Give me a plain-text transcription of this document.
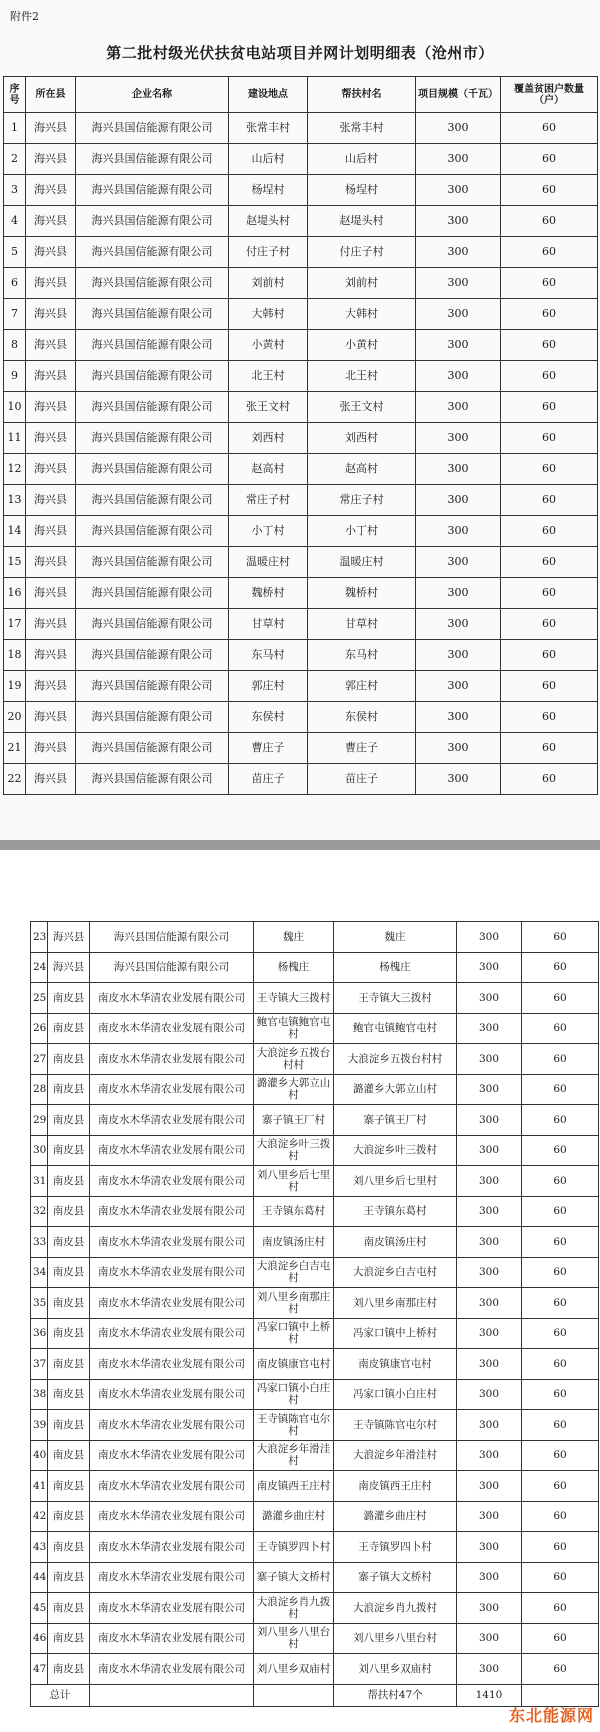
附件2
第二批村级光伏扶贫电站项目并网计划明细表（沧州市）
序号	所在县	企业名称	建设地点	帮扶村名	项目规模（千瓦）	覆盖贫困户数量（户）
1	海兴县	海兴县国信能源有限公司	张常丰村	张常丰村	300	60
2	海兴县	海兴县国信能源有限公司	山后村	山后村	300	60
3	海兴县	海兴县国信能源有限公司	杨埕村	杨埕村	300	60
4	海兴县	海兴县国信能源有限公司	赵堤头村	赵堤头村	300	60
5	海兴县	海兴县国信能源有限公司	付庄子村	付庄子村	300	60
6	海兴县	海兴县国信能源有限公司	刘前村	刘前村	300	60
7	海兴县	海兴县国信能源有限公司	大韩村	大韩村	300	60
8	海兴县	海兴县国信能源有限公司	小黄村	小黄村	300	60
9	海兴县	海兴县国信能源有限公司	北王村	北王村	300	60
10	海兴县	海兴县国信能源有限公司	张王文村	张王文村	300	60
11	海兴县	海兴县国信能源有限公司	刘西村	刘西村	300	60
12	海兴县	海兴县国信能源有限公司	赵高村	赵高村	300	60
13	海兴县	海兴县国信能源有限公司	常庄子村	常庄子村	300	60
14	海兴县	海兴县国信能源有限公司	小丁村	小丁村	300	60
15	海兴县	海兴县国信能源有限公司	温暖庄村	温暖庄村	300	60
16	海兴县	海兴县国信能源有限公司	魏桥村	魏桥村	300	60
17	海兴县	海兴县国信能源有限公司	甘草村	甘草村	300	60
18	海兴县	海兴县国信能源有限公司	东马村	东马村	300	60
19	海兴县	海兴县国信能源有限公司	郭庄村	郭庄村	300	60
20	海兴县	海兴县国信能源有限公司	东侯村	东侯村	300	60
21	海兴县	海兴县国信能源有限公司	曹庄子	曹庄子	300	60
22	海兴县	海兴县国信能源有限公司	苗庄子	苗庄子	300	60
23	海兴县	海兴县国信能源有限公司	魏庄	魏庄	300	60
24	海兴县	海兴县国信能源有限公司	杨槐庄	杨槐庄	300	60
25	南皮县	南皮水木华清农业发展有限公司	王寺镇大三拨村	王寺镇大三拨村	300	60
26	南皮县	南皮水木华清农业发展有限公司	鲍官屯镇鲍官屯村	鲍官屯镇鲍官屯村	300	60
27	南皮县	南皮水木华清农业发展有限公司	大浪淀乡五拨台村村	大浪淀乡五拨台村村	300	60
28	南皮县	南皮水木华清农业发展有限公司	潞灌乡大郭立山村	潞灌乡大郭立山村	300	60
29	南皮县	南皮水木华清农业发展有限公司	寨子镇王厂村	寨子镇王厂村	300	60
30	南皮县	南皮水木华清农业发展有限公司	大浪淀乡叶三拨村	大浪淀乡叶三拨村	300	60
31	南皮县	南皮水木华清农业发展有限公司	刘八里乡后七里村	刘八里乡后七里村	300	60
32	南皮县	南皮水木华清农业发展有限公司	王寺镇东葛村	王寺镇东葛村	300	60
33	南皮县	南皮水木华清农业发展有限公司	南皮镇汤庄村	南皮镇汤庄村	300	60
34	南皮县	南皮水木华清农业发展有限公司	大浪淀乡白吉屯村	大浪淀乡白吉屯村	300	60
35	南皮县	南皮水木华清农业发展有限公司	刘八里乡南那庄村	刘八里乡南那庄村	300	60
36	南皮县	南皮水木华清农业发展有限公司	冯家口镇中上桥村	冯家口镇中上桥村	300	60
37	南皮县	南皮水木华清农业发展有限公司	南皮镇康官屯村	南皮镇康官屯村	300	60
38	南皮县	南皮水木华清农业发展有限公司	冯家口镇小白庄村	冯家口镇小白庄村	300	60
39	南皮县	南皮水木华清农业发展有限公司	王寺镇陈官屯尔村	王寺镇陈官屯尔村	300	60
40	南皮县	南皮水木华清农业发展有限公司	大浪淀乡年滑洼村	大浪淀乡年滑洼村	300	60
41	南皮县	南皮水木华清农业发展有限公司	南皮镇西王庄村	南皮镇西王庄村	300	60
42	南皮县	南皮水木华清农业发展有限公司	潞灌乡曲庄村	潞灌乡曲庄村	300	60
43	南皮县	南皮水木华清农业发展有限公司	王寺镇罗四卜村	王寺镇罗四卜村	300	60
44	南皮县	南皮水木华清农业发展有限公司	寨子镇大文桥村	寨子镇大文桥村	300	60
45	南皮县	南皮水木华清农业发展有限公司	大浪淀乡肖九拨村	大浪淀乡肖九拨村	300	60
46	南皮县	南皮水木华清农业发展有限公司	刘八里乡八里台村	刘八里乡八里台村	300	60
47	南皮县	南皮水木华清农业发展有限公司	刘八里乡双庙村	刘八里乡双庙村	300	60
总计				帮扶村47个	1410	
东北能源网
